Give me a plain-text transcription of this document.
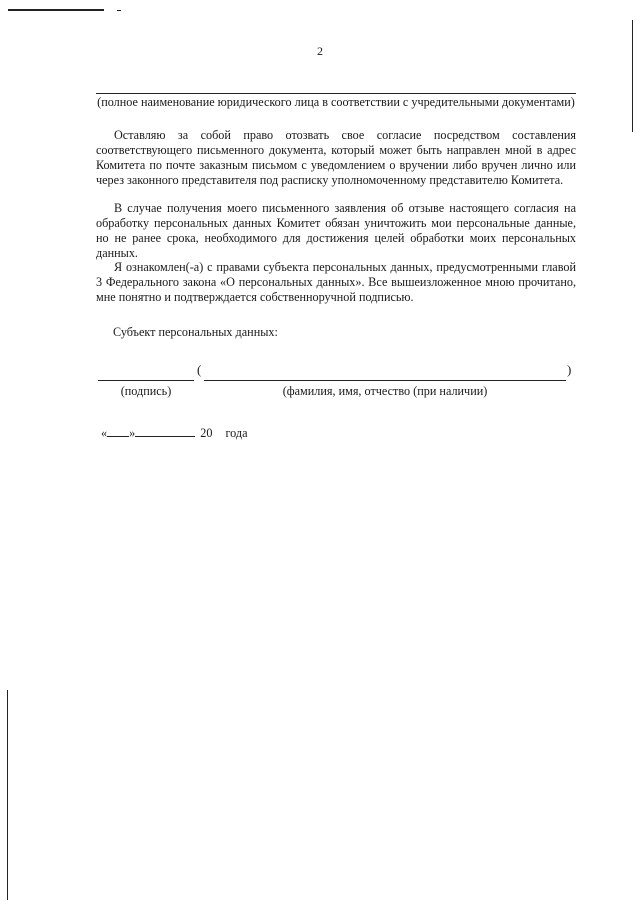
2
(полное наименование юридического лица в соответствии с учредительными документами)

Оставляю за собой право отозвать свое согласие посредством составления соответствующего письменного документа, который может быть направлен мной в адрес Комитета по почте заказным письмом с уведомлением о вручении либо вручен лично или через законного представителя под расписку уполномоченному представителю Комитета.

В случае получения моего письменного заявления об отзыве настоящего согласия на обработку персональных данных Комитет обязан уничтожить мои персональные данные, но не ранее срока, необходимого для достижения целей обработки моих персональных данных.

Я ознакомлен(-а) с правами субъекта персональных данных, предусмотренными главой 3 Федерального закона «О персональных данных». Все вышеизложенное мною прочитано, мне понятно и подтверждается собственноручной подписью.

Субъект персональных данных:
(	)
(подпись)	(фамилия, имя, отчество (при наличии)
« »	20 года
